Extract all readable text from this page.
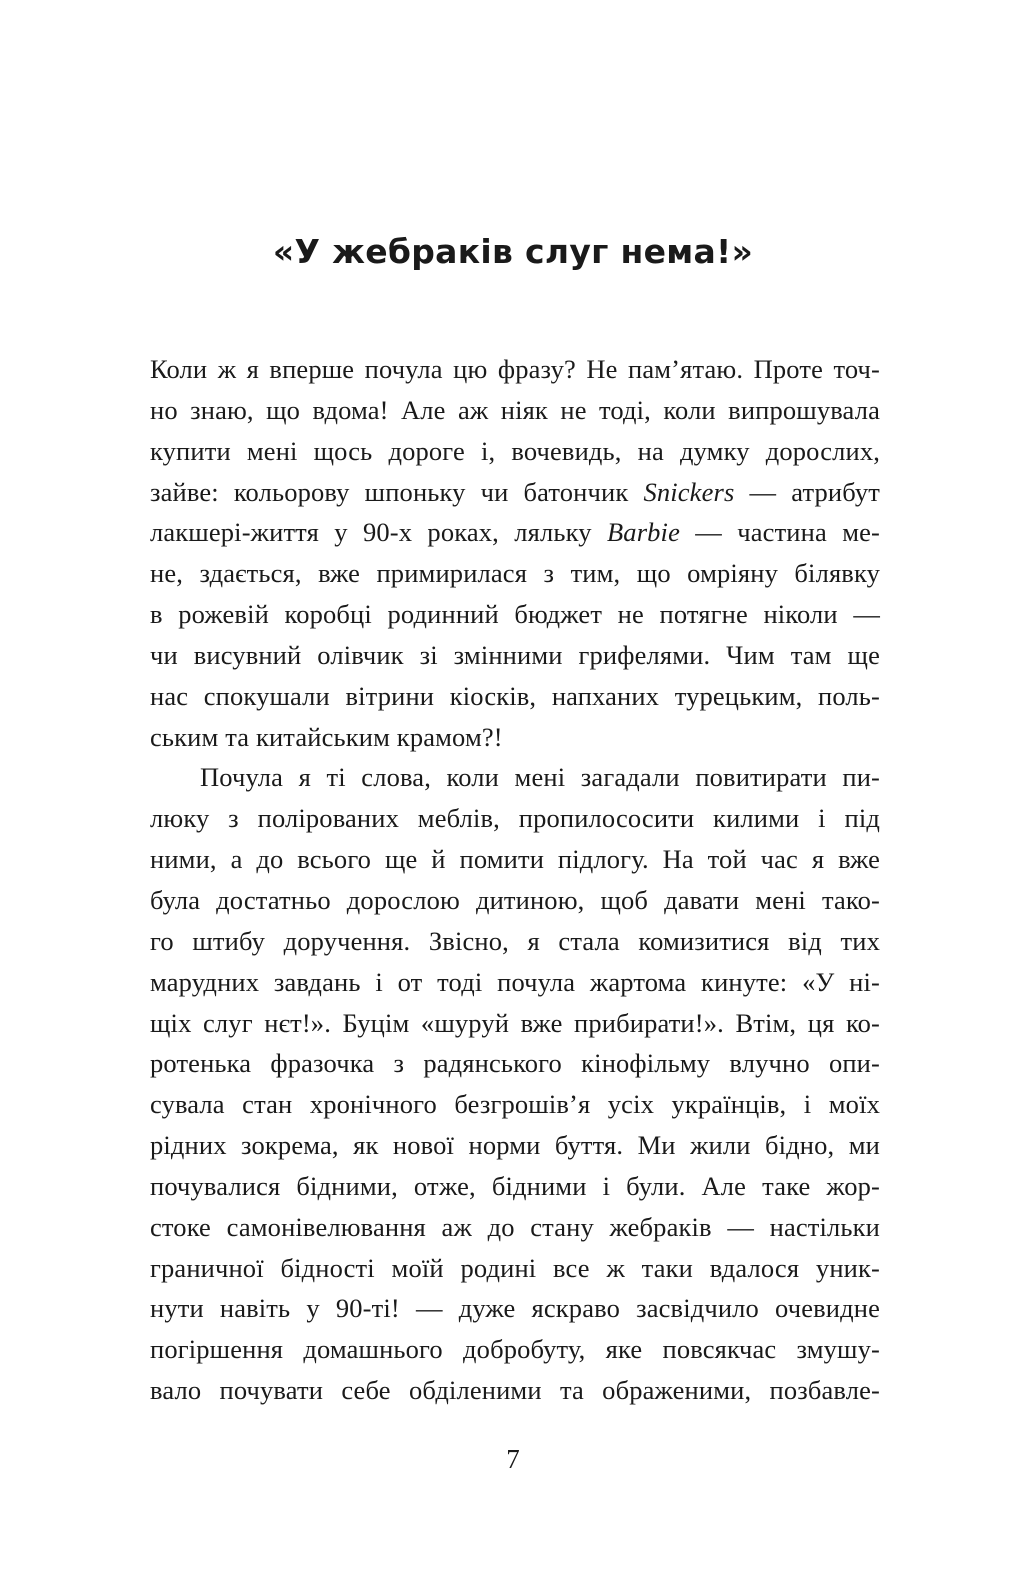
«У жебраків слуг нема!»
Коли ж я вперше почула цю фразу? Не пам’ятаю. Проте точ-
но знаю, що вдома! Але аж ніяк не тоді, коли випрошувала
купити мені щось дороге і, вочевидь, на думку дорослих,
зайве: кольорову шпоньку чи батончик Snickers — атрибут
лакшері-життя у 90-х роках, ляльку Barbie — частина ме-
не, здається, вже примирилася з тим, що омріяну білявку
в рожевій коробці родинний бюджет не потягне ніколи —
чи висувний олівчик зі змінними грифелями. Чим там ще
нас спокушали вітрини кіосків, напханих турецьким, поль-
ським та китайським крамом?!
Почула я ті слова, коли мені загадали повитирати пи-
люку з полірованих меблів, пропилососити килими і під
ними, а до всього ще й помити підлогу. На той час я вже
була достатньо дорослою дитиною, щоб давати мені тако-
го штибу доручення. Звісно, я стала комизитися від тих
марудних завдань і от тоді почула жартома кинуте: «У ні-
щіх слуг нєт!». Буцім «шуруй вже прибирати!». Втім, ця ко-
ротенька фразочка з радянського кінофільму влучно опи-
сувала стан хронічного безгрошів’я усіх українців, і моїх
рідних зокрема, як нової норми буття. Ми жили бідно, ми
почувалися бідними, отже, бідними і були. Але таке жор-
стоке самонівелювання аж до стану жебраків — настільки
граничної бідності моїй родині все ж таки вдалося уник-
нути навіть у 90-ті! — дуже яскраво засвідчило очевидне
погіршення домашнього добробуту, яке повсякчас змушу-
вало почувати себе обділеними та ображеними, позбавле-
7
